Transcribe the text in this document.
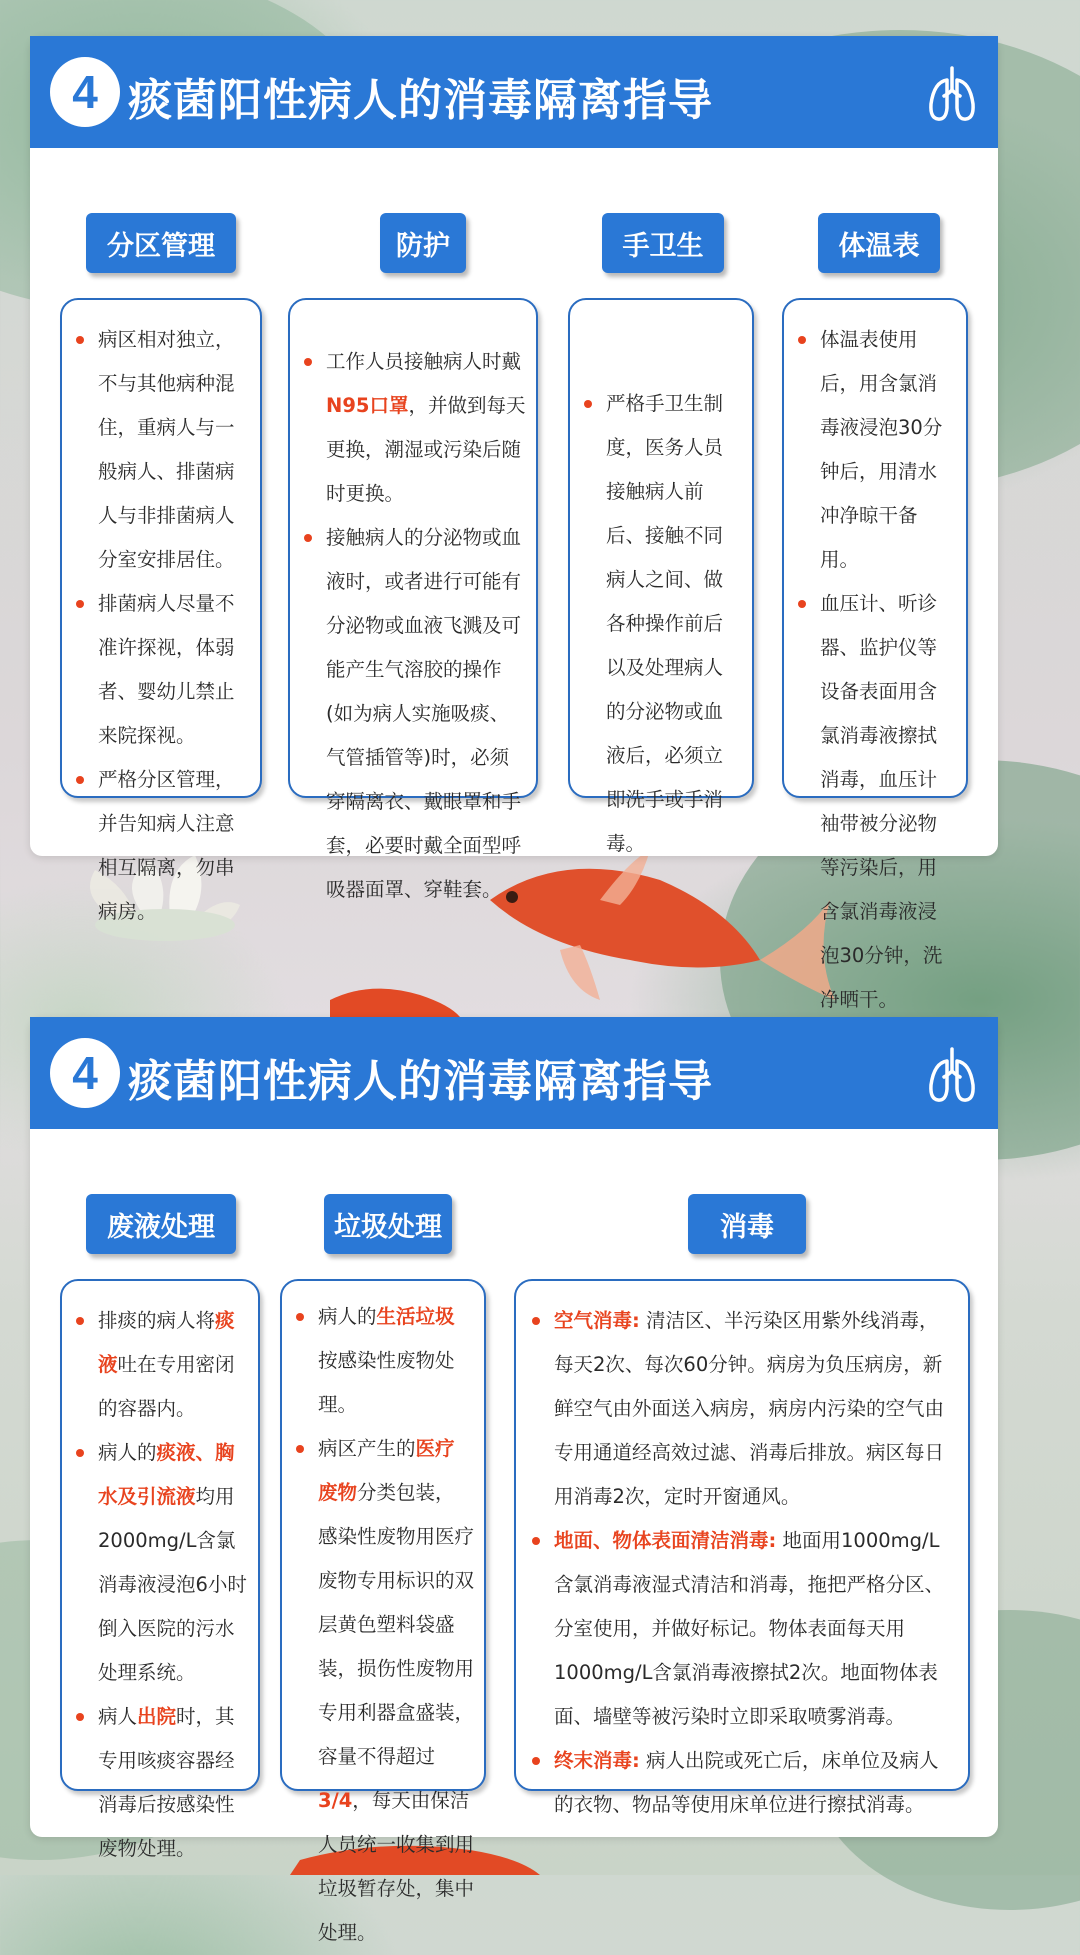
4 痰菌阳性病人的消毒隔离指导
分区管理	防护	手卫生	体温表
病区相对独立，不与其他病种混住，重病人与一般病人、排菌病人与非排菌病人分室安排居住。
排菌病人尽量不准许探视，体弱者、婴幼儿禁止来院探视。
严格分区管理，并告知病人注意相互隔离，勿串病房。
工作人员接触病人时戴N95口罩，并做到每天更换，潮湿或污染后随时更换。
接触病人的分泌物或血液时，或者进行可能有分泌物或血液飞溅及可能产生气溶胶的操作(如为病人实施吸痰、气管插管等)时，必须穿隔离衣、戴眼罩和手套，必要时戴全面型呼吸器面罩、穿鞋套。
严格手卫生制度，医务人员接触病人前后、接触不同病人之间、做各种操作前后以及处理病人的分泌物或血液后，必须立即洗手或手消毒。
体温表使用后，用含氯消毒液浸泡30分钟后，用清水冲净晾干备用。
血压计、听诊器、监护仪等设备表面用含氯消毒液擦拭消毒，血压计袖带被分泌物等污染后，用含氯消毒液浸泡30分钟，洗净晒干。
4 痰菌阳性病人的消毒隔离指导
废液处理	垃圾处理	消毒
排痰的病人将痰液吐在专用密闭的容器内。
病人的痰液、胸水及引流液均用2000mg/L含氯消毒液浸泡6小时倒入医院的污水处理系统。
病人出院时，其专用咳痰容器经消毒后按感染性废物处理。
病人的生活垃圾按感染性废物处理。
病区产生的医疗废物分类包装，感染性废物用医疗废物专用标识的双层黄色塑料袋盛装，损伤性废物用专用利器盒盛装，容量不得超过3/4，每天由保洁人员统一收集到用垃圾暂存处，集中处理。
空气消毒: 清洁区、半污染区用紫外线消毒，每天2次、每次60分钟。病房为负压病房，新鲜空气由外面送入病房，病房内污染的空气由专用通道经高效过滤、消毒后排放。病区每日用消毒2次，定时开窗通风。
地面、物体表面清洁消毒: 地面用1000mg/L含氯消毒液湿式清洁和消毒，拖把严格分区、分室使用，并做好标记。物体表面每天用1000mg/L含氯消毒液擦拭2次。地面物体表面、墙壁等被污染时立即采取喷雾消毒。
终末消毒: 病人出院或死亡后，床单位及病人的衣物、物品等使用床单位进行擦拭消毒。
